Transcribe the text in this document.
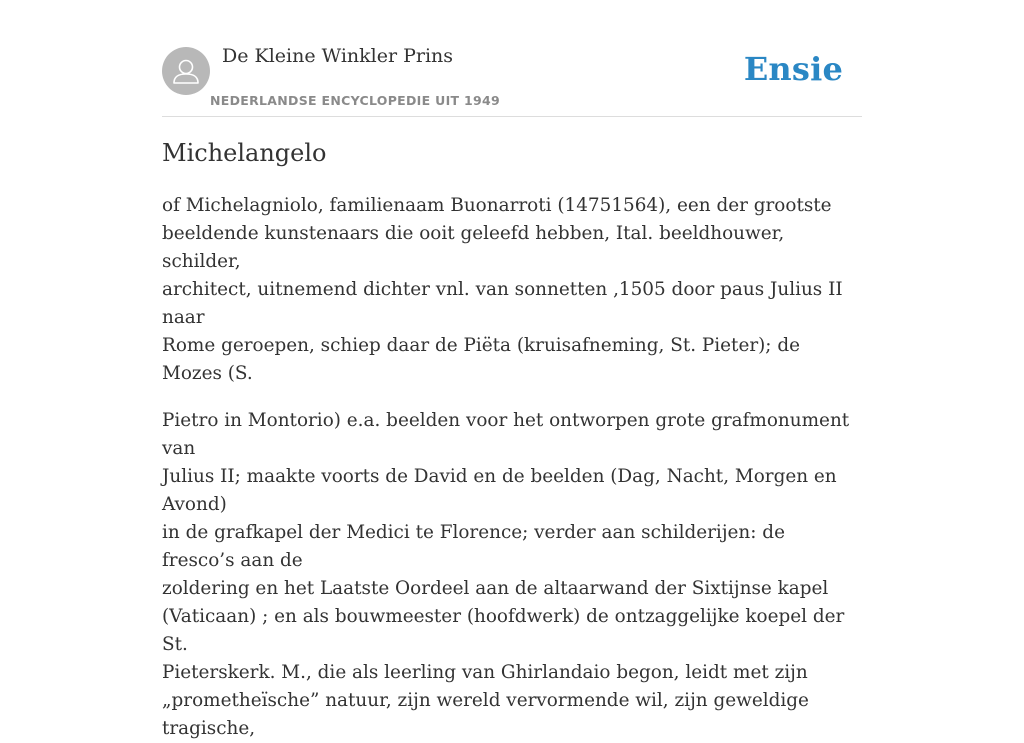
De Kleine Winkler Prins
NEDERLANDSE ENCYCLOPEDIE UIT 1949
Ensie
Michelangelo

of Michelagniolo, familienaam Buonarroti (14751564), een der grootste
beeldende kunstenaars die ooit geleefd hebben, Ital. beeldhouwer, schilder,
architect, uitnemend dichter vnl. van sonnetten ,1505 door paus Julius II naar
Rome geroepen, schiep daar de Piëta (kruisafneming, St. Pieter); de Mozes (S.

Pietro in Montorio) e.a. beelden voor het ontworpen grote grafmonument van
Julius II; maakte voorts de David en de beelden (Dag, Nacht, Morgen en Avond)
in de grafkapel der Medici te Florence; verder aan schilderijen: de fresco’s aan de
zoldering en het Laatste Oordeel aan de altaarwand der Sixtijnse kapel
(Vaticaan) ; en als bouwmeester (hoofdwerk) de ontzaggelijke koepel der St.
Pieterskerk. M., die als leerling van Ghirlandaio begon, leidt met zijn
„prometheïsche” natuur, zijn wereld vervormende wil, zijn geweldige tragische,
